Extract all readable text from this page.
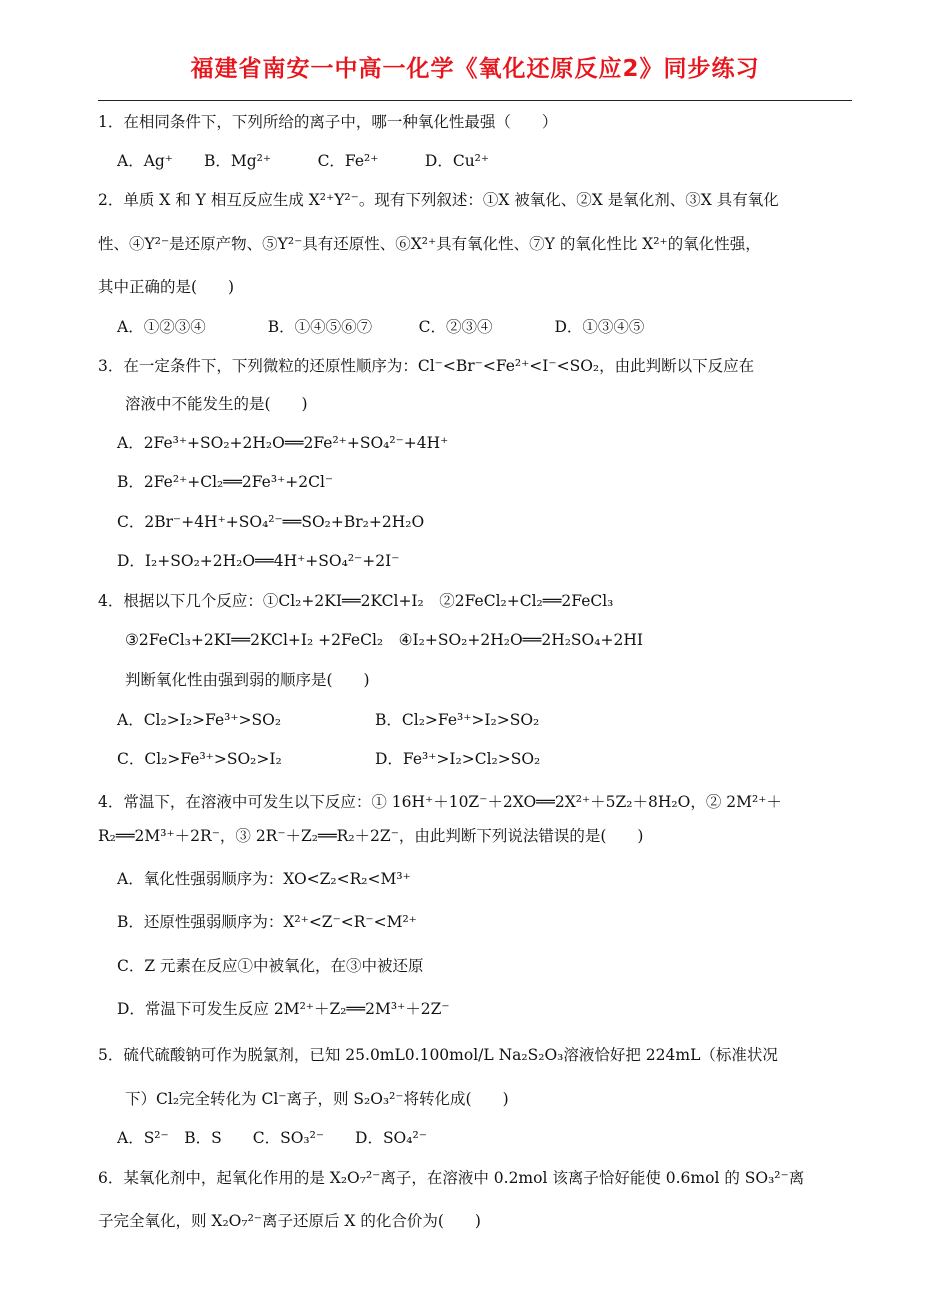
福建省南安一中高一化学《氧化还原反应2》同步练习
1．在相同条件下，下列所给的离子中，哪一种氧化性最强（　　）
A．Ag⁺　　B．Mg²⁺　　　C．Fe²⁺　　　D．Cu²⁺
2．单质 X 和 Y 相互反应生成 X²⁺Y²⁻。现有下列叙述：①X 被氧化、②X 是氧化剂、③X 具有氧化
性、④Y²⁻是还原产物、⑤Y²⁻具有还原性、⑥X²⁺具有氧化性、⑦Y 的氧化性比 X²⁺的氧化性强，
其中正确的是(　　)
A．①②③④　　　　B．①④⑤⑥⑦　　　C．②③④　　　　D．①③④⑤
3．在一定条件下，下列微粒的还原性顺序为：Cl⁻<Br⁻<Fe²⁺<I⁻<SO₂，由此判断以下反应在
溶液中不能发生的是(　　)
A．2Fe³⁺+SO₂+2H₂O══2Fe²⁺+SO₄²⁻+4H⁺
B．2Fe²⁺+Cl₂══2Fe³⁺+2Cl⁻
C．2Br⁻+4H⁺+SO₄²⁻══SO₂+Br₂+2H₂O
D．I₂+SO₂+2H₂O══4H⁺+SO₄²⁻+2I⁻
4．根据以下几个反应：①Cl₂+2KI══2KCl+I₂　②2FeCl₂+Cl₂══2FeCl₃
③2FeCl₃+2KI══2KCl+I₂ +2FeCl₂　④I₂+SO₂+2H₂O══2H₂SO₄+2HI
判断氧化性由强到弱的顺序是(　　)
A．Cl₂>I₂>Fe³⁺>SO₂	B．Cl₂>Fe³⁺>I₂>SO₂
C．Cl₂>Fe³⁺>SO₂>I₂	D．Fe³⁺>I₂>Cl₂>SO₂
4．常温下，在溶液中可发生以下反应：① 16H⁺＋10Z⁻＋2XO══2X²⁺＋5Z₂＋8H₂O，② 2M²⁺＋
R₂══2M³⁺＋2R⁻，③ 2R⁻＋Z₂══R₂＋2Z⁻，由此判断下列说法错误的是(　　)
A．氧化性强弱顺序为：XO<Z₂<R₂<M³⁺
B．还原性强弱顺序为：X²⁺<Z⁻<R⁻<M²⁺
C．Z 元素在反应①中被氧化，在③中被还原
D．常温下可发生反应 2M²⁺＋Z₂══2M³⁺＋2Z⁻
5．硫代硫酸钠可作为脱氯剂，已知 25.0mL0.100mol/L Na₂S₂O₃溶液恰好把 224mL（标准状况
下）Cl₂完全转化为 Cl⁻离子，则 S₂O₃²⁻将转化成(　　)
A．S²⁻　B．S　　C．SO₃²⁻　　D．SO₄²⁻
6．某氧化剂中，起氧化作用的是 X₂O₇²⁻离子，在溶液中 0.2mol 该离子恰好能使 0.6mol 的 SO₃²⁻离
子完全氧化，则 X₂O₇²⁻离子还原后 X 的化合价为(　　)
